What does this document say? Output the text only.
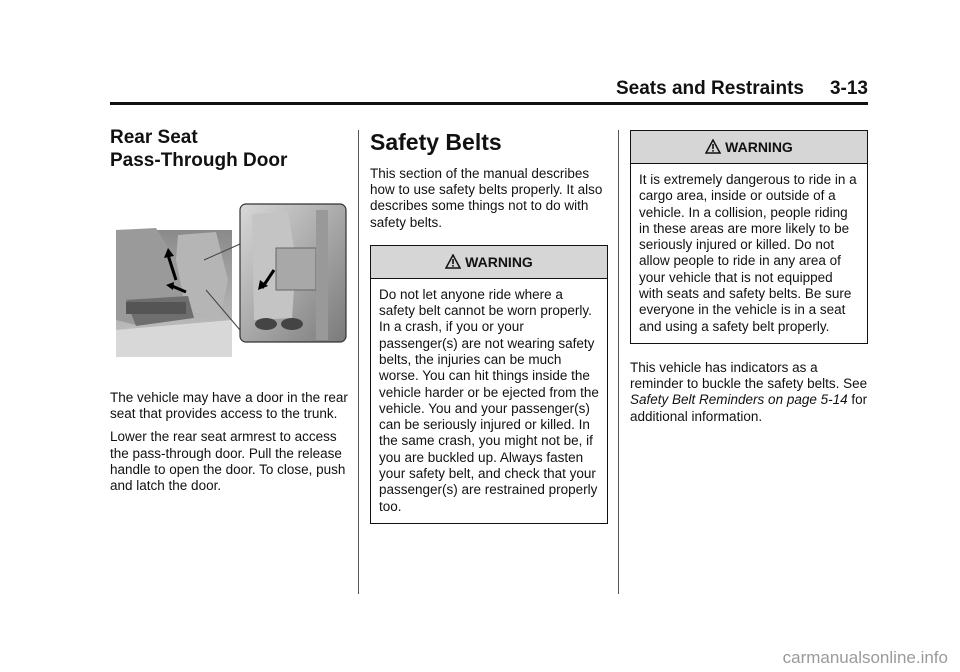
Seats and Restraints 3-13
Rear Seat
Pass-Through Door

The vehicle may have a door in the rear seat that provides access to the trunk.

Lower the rear seat armrest to access the pass-through door. Pull the release handle to open the door. To close, push and latch the door.

Safety Belts

This section of the manual describes how to use safety belts properly. It also describes some things not to do with safety belts.

WARNING
Do not let anyone ride where a safety belt cannot be worn properly. In a crash, if you or your passenger(s) are not wearing safety belts, the injuries can be much worse. You can hit things inside the vehicle harder or be ejected from the vehicle. You and your passenger(s) can be seriously injured or killed. In the same crash, you might not be, if you are buckled up. Always fasten your safety belt, and check that your passenger(s) are restrained properly too.
WARNING
It is extremely dangerous to ride in a cargo area, inside or outside of a vehicle. In a collision, people riding in these areas are more likely to be seriously injured or killed. Do not allow people to ride in any area of your vehicle that is not equipped with seats and safety belts. Be sure everyone in the vehicle is in a seat and using a safety belt properly.

This vehicle has indicators as a reminder to buckle the safety belts. See Safety Belt Reminders on page 5-14 for additional information.

carmanualsonline.info
